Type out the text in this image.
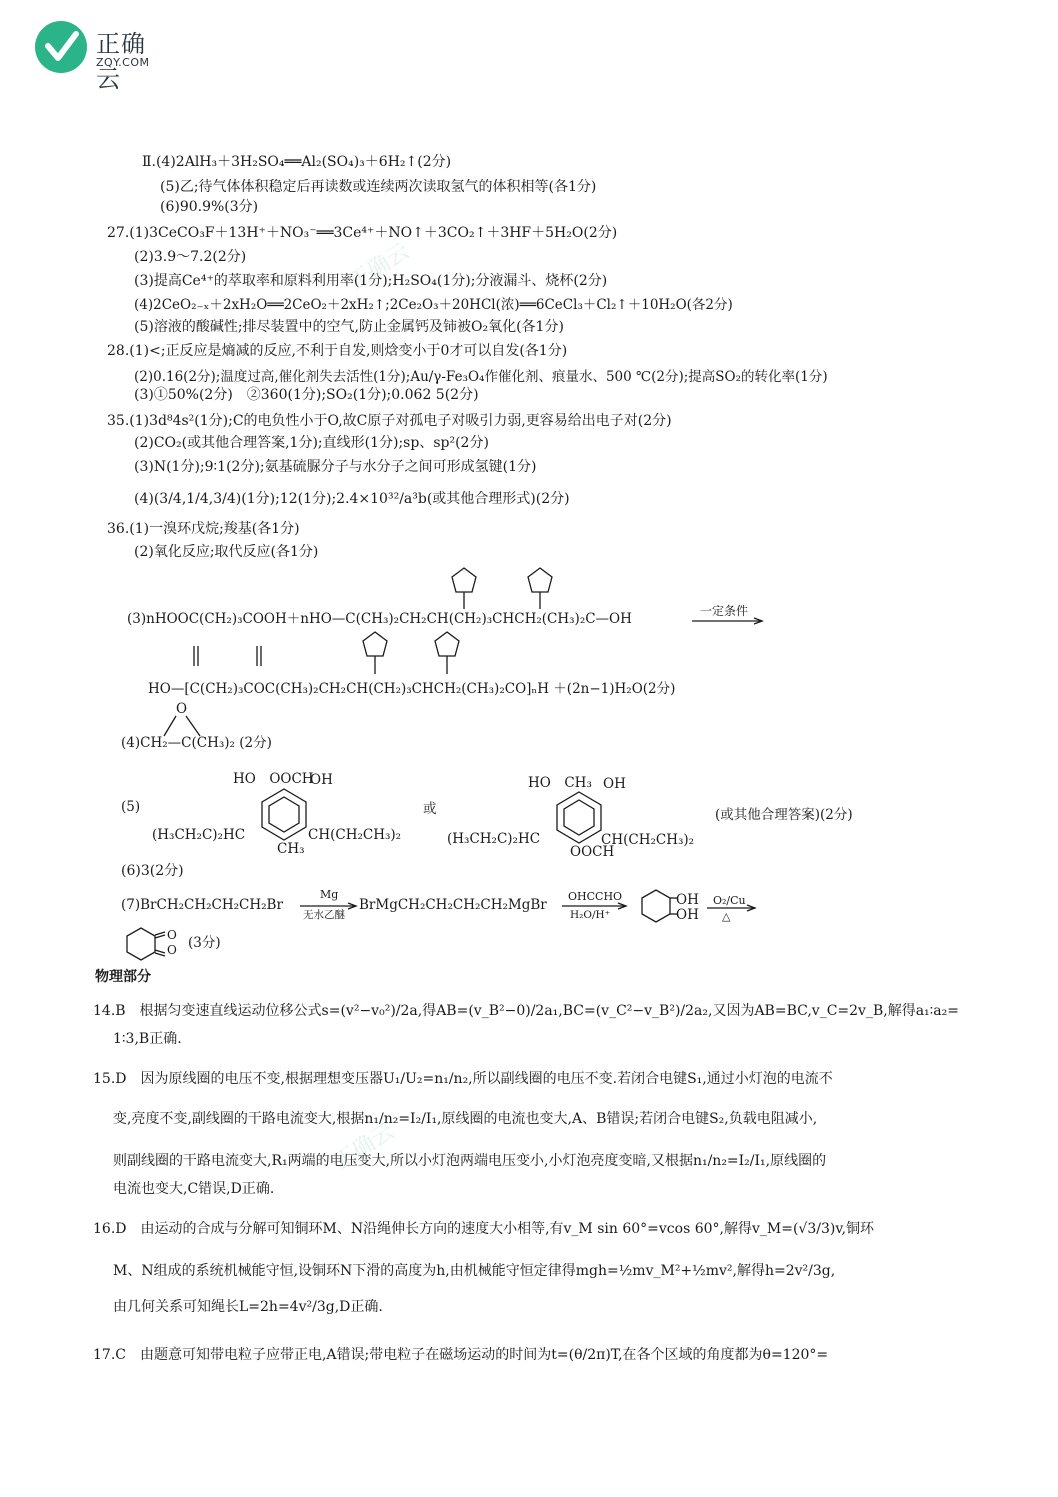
正确云
ZQY.COM
正确云
正确云
Ⅱ.(4)2AlH₃＋3H₂SO₄══Al₂(SO₄)₃＋6H₂↑(2分)
(5)乙;待气体体积稳定后再读数或连续两次读取氢气的体积相等(各1分)
(6)90.9%(3分)
27.(1)3CeCO₃F＋13H⁺＋NO₃⁻══3Ce⁴⁺＋NO↑＋3CO₂↑＋3HF＋5H₂O(2分)
(2)3.9～7.2(2分)
(3)提高Ce⁴⁺的萃取率和原料利用率(1分);H₂SO₄(1分);分液漏斗、烧杯(2分)
(4)2CeO₂₋ₓ＋2xH₂O══2CeO₂＋2xH₂↑;2Ce₂O₃＋20HCl(浓)══6CeCl₃＋Cl₂↑＋10H₂O(各2分)
(5)溶液的酸碱性;排尽装置中的空气,防止金属钙及铈被O₂氧化(各1分)
28.(1)<;正反应是熵减的反应,不利于自发,则焓变小于0才可以自发(各1分)
(2)0.16(2分);温度过高,催化剂失去活性(1分);Au/γ-Fe₃O₄作催化剂、痕量水、500 ℃(2分);提高SO₂的转化率(1分)
(3)①50%(2分)　②360(1分);SO₂(1分);0.062 5(2分)
35.(1)3d⁸4s²(1分);C的电负性小于O,故C原子对孤电子对吸引力弱,更容易给出电子对(2分)
(2)CO₂(或其他合理答案,1分);直线形(1分);sp、sp²(2分)
(3)N(1分);9∶1(2分);氨基硫脲分子与水分子之间可形成氢键(1分)
(4)(3/4,1/4,3/4)(1分);12(1分);2.4×10³²/a³b(或其他合理形式)(2分)
36.(1)一溴环戊烷;羧基(各1分)
(2)氧化反应;取代反应(各1分)
(3)nHOOC(CH₂)₃COOH＋nHO—C(CH₃)₂CH₂CH(CH₂)₃CHCH₂(CH₃)₂C—OH	一定条件
HO—[C(CH₂)₃COC(CH₃)₂CH₂CH(CH₂)₃CHCH₂(CH₃)₂CO]ₙH ＋(2n−1)H₂O(2分)
O
(4)CH₂—C(CH₃)₂ (2分)
(5)
HO　OOCH
OH
(H₃CH₂C)₂HC	CH(CH₂CH₃)₂
CH₃
或
HO　CH₃ OH
(H₃CH₂C)₂HC	CH(CH₂CH₃)₂
OOCH
(或其他合理答案)(2分)
(6)3(2分)
(7)BrCH₂CH₂CH₂CH₂Br
Mg
无水乙醚
BrMgCH₂CH₂CH₂CH₂MgBr
OHCCHO
H₂O/H⁺
OH
OH
O₂/Cu
△
O
O (3分)
物理部分
14.B　根据匀变速直线运动位移公式s=(v²−v₀²)/2a,得AB=(v_B²−0)/2a₁,BC=(v_C²−v_B²)/2a₂,又因为AB=BC,v_C=2v_B,解得a₁∶a₂=
1∶3,B正确.
15.D　因为原线圈的电压不变,根据理想变压器U₁/U₂=n₁/n₂,所以副线圈的电压不变.若闭合电键S₁,通过小灯泡的电流不
变,亮度不变,副线圈的干路电流变大,根据n₁/n₂=I₂/I₁,原线圈的电流也变大,A、B错误;若闭合电键S₂,负载电阻减小,
则副线圈的干路电流变大,R₁两端的电压变大,所以小灯泡两端电压变小,小灯泡亮度变暗,又根据n₁/n₂=I₂/I₁,原线圈的
电流也变大,C错误,D正确.
16.D　由运动的合成与分解可知铜环M、N沿绳伸长方向的速度大小相等,有v_M sin 60°=vcos 60°,解得v_M=(√3/3)v,铜环
M、N组成的系统机械能守恒,设铜环N下滑的高度为h,由机械能守恒定律得mgh=½mv_M²+½mv²,解得h=2v²/3g,
由几何关系可知绳长L=2h=4v²/3g,D正确.
17.C　由题意可知带电粒子应带正电,A错误;带电粒子在磁场运动的时间为t=(θ/2π)T,在各个区域的角度都为θ=120°=
